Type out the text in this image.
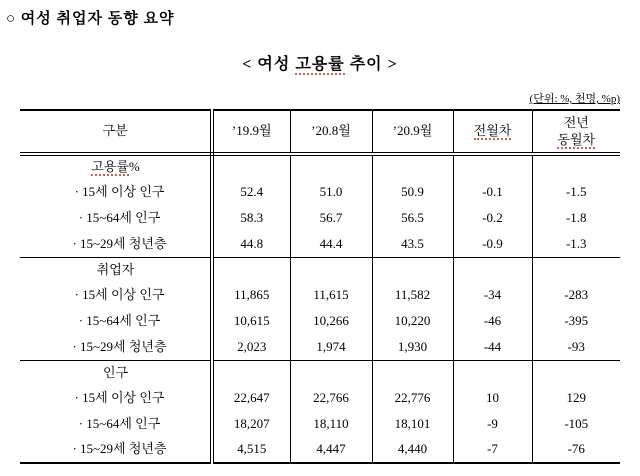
○ 여성 취업자 동향 요약
< 여성 고용률 추이 >
(단위: %, 천명, %p)
구분	’19.9월	’20.8월	’20.9월	전월차	전년
동월차
고용률%					
· 15세 이상 인구	52.4	51.0	50.9	-0.1	-1.5
· 15~64세 인구	58.3	56.7	56.5	-0.2	-1.8
· 15~29세 청년층	44.8	44.4	43.5	-0.9	-1.3
취업자					
· 15세 이상 인구	11,865	11,615	11,582	-34	-283
· 15~64세 인구	10,615	10,266	10,220	-46	-395
· 15~29세 청년층	2,023	1,974	1,930	-44	-93
인구					
· 15세 이상 인구	22,647	22,766	22,776	10	129
· 15~64세 인구	18,207	18,110	18,101	-9	-105
· 15~29세 청년층	4,515	4,447	4,440	-7	-76
